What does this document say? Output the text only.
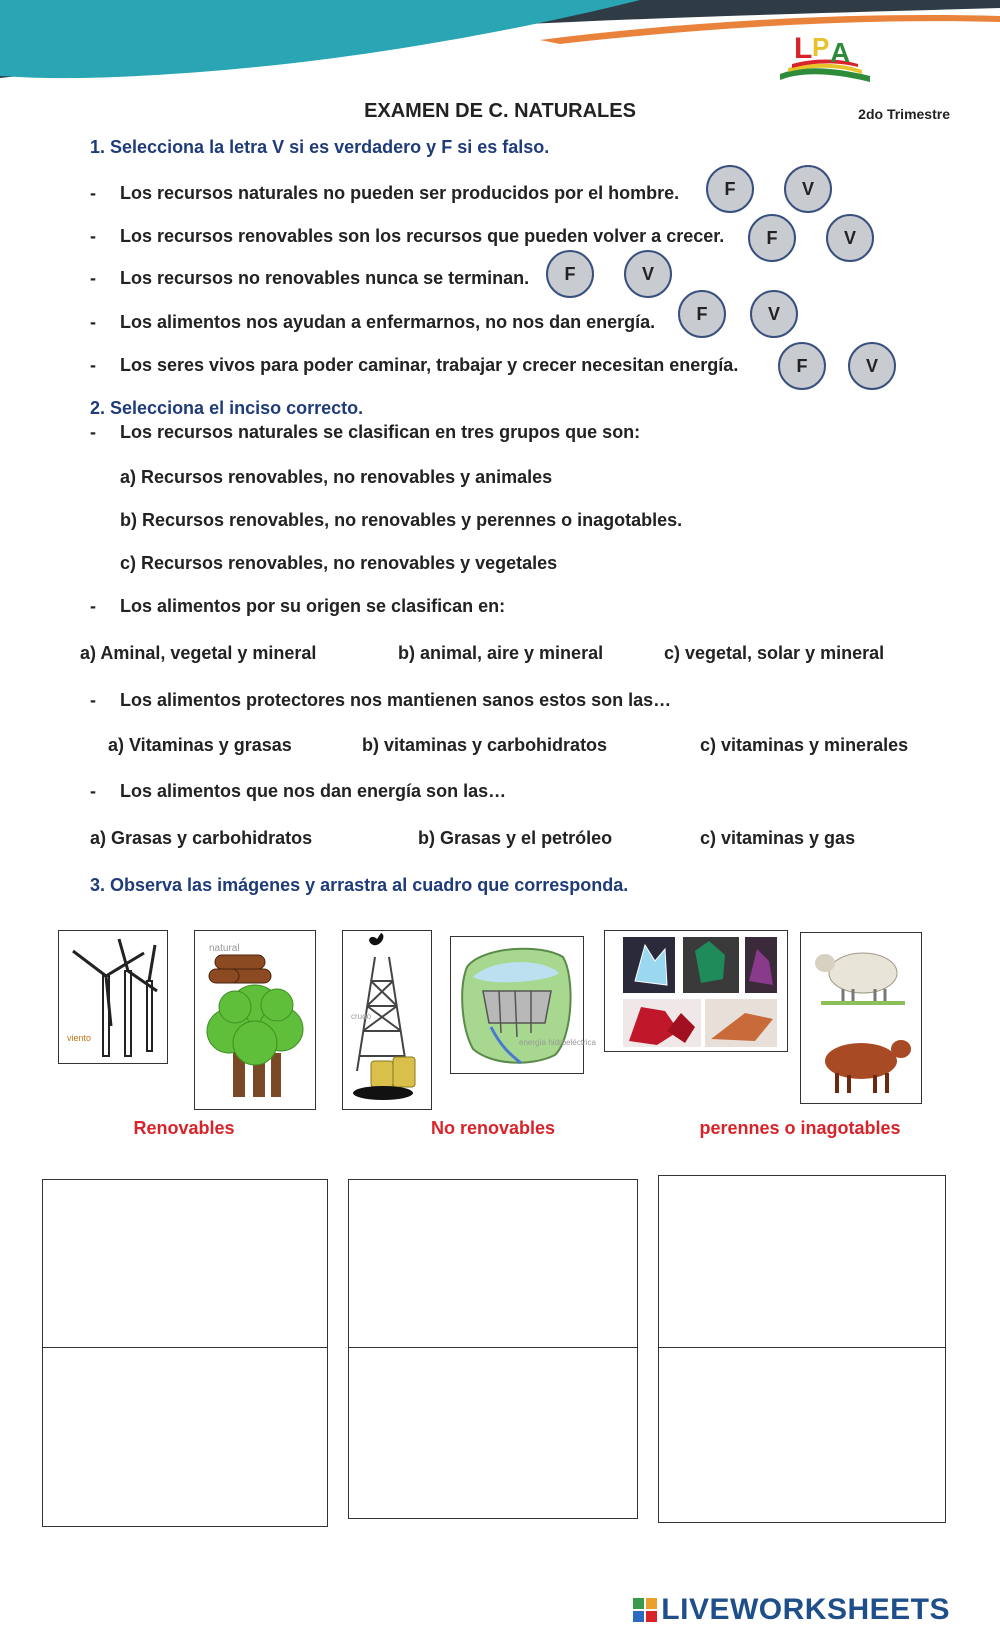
L P A
EXAMEN DE C. NATURALES	2do Trimestre
1. Selecciona la letra V si es verdadero y F si es falso.
- Los recursos naturales no pueden ser producidos por el hombre.	F	V
- Los recursos renovables son los recursos que pueden volver a crecer.	F	V
- Los recursos no renovables nunca se terminan.	F	V
- Los alimentos nos ayudan a enfermarnos, no nos dan energía.	F	V
- Los seres vivos para poder caminar, trabajar y crecer necesitan energía.	F	V
2. Selecciona el inciso correcto.
- Los recursos naturales se clasifican en tres grupos que son:
a) Recursos renovables, no renovables y animales
b) Recursos renovables, no renovables y perennes o inagotables.
c) Recursos renovables, no renovables y vegetales
- Los alimentos por su origen se clasifican en:
a) Aminal, vegetal y mineral	b) animal, aire y mineral	c) vegetal, solar y mineral
- Los alimentos protectores nos mantienen sanos estos son las…
a) Vitaminas y grasas	b) vitaminas y carbohidratos	c) vitaminas y minerales
- Los alimentos que nos dan energía son las…
a) Grasas y carbohidratos	b) Grasas y el petróleo	c) vitaminas y gas
3. Observa las imágenes y arrastra al cuadro que corresponda.
viento
natural
crudo
energía hidroeléctrica
Renovables	No renovables	perennes o inagotables
LIVEWORKSHEETS
